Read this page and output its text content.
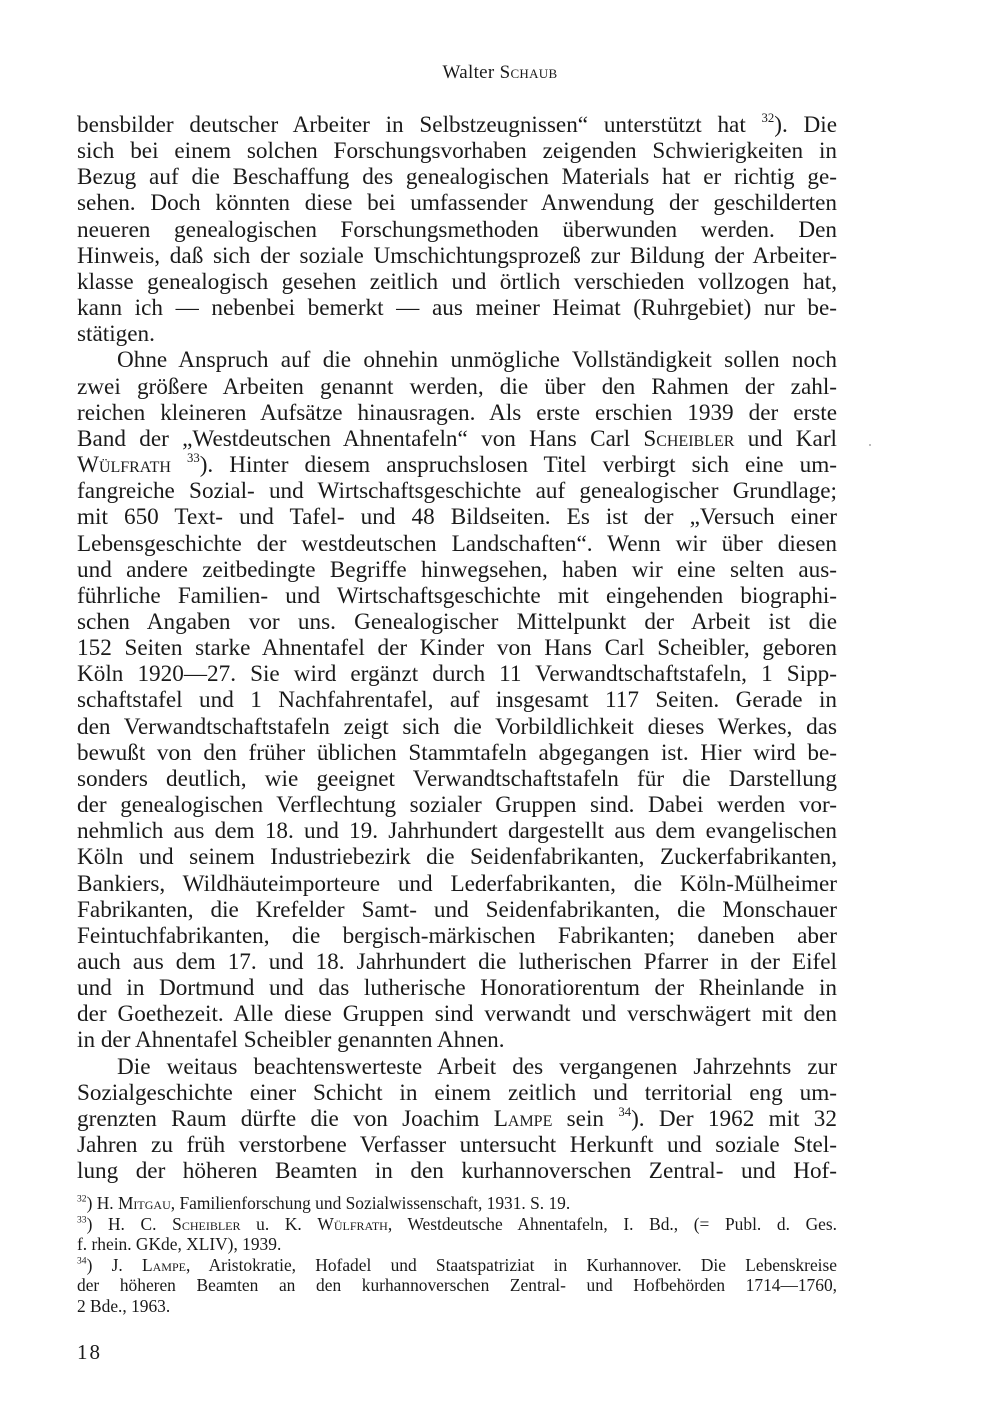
Walter Schaub
bensbilder deutscher Arbeiter in Selbstzeugnissen“ unterstützt hat $^{32}$). Die
sich bei einem solchen Forschungsvorhaben zeigenden Schwierigkeiten in
Bezug auf die Beschaffung des genealogischen Materials hat er richtig ge-
sehen. Doch könnten diese bei umfassender Anwendung der geschilderten
neueren genealogischen Forschungsmethoden überwunden werden. Den
Hinweis, daß sich der soziale Umschichtungsprozeß zur Bildung der Arbeiter-
klasse genealogisch gesehen zeitlich und örtlich verschieden vollzogen hat,
kann ich — nebenbei bemerkt — aus meiner Heimat (Ruhrgebiet) nur be-
stätigen.
Ohne Anspruch auf die ohnehin unmögliche Vollständigkeit sollen noch
zwei größere Arbeiten genannt werden, die über den Rahmen der zahl-
reichen kleineren Aufsätze hinausragen. Als erste erschien 1939 der erste
Band der „Westdeutschen Ahnentafeln“ von Hans Carl Scheibler und Karl
Wülfrath $^{33}$). Hinter diesem anspruchslosen Titel verbirgt sich eine um-
fangreiche Sozial- und Wirtschaftsgeschichte auf genealogischer Grundlage;
mit 650 Text- und Tafel- und 48 Bildseiten. Es ist der „Versuch einer
Lebensgeschichte der westdeutschen Landschaften“. Wenn wir über diesen
und andere zeitbedingte Begriffe hinwegsehen, haben wir eine selten aus-
führliche Familien- und Wirtschaftsgeschichte mit eingehenden biographi-
schen Angaben vor uns. Genealogischer Mittelpunkt der Arbeit ist die
152 Seiten starke Ahnentafel der Kinder von Hans Carl Scheibler, geboren
Köln 1920—27. Sie wird ergänzt durch 11 Verwandtschaftstafeln, 1 Sipp-
schaftstafel und 1 Nachfahrentafel, auf insgesamt 117 Seiten. Gerade in
den Verwandtschaftstafeln zeigt sich die Vorbildlichkeit dieses Werkes, das
bewußt von den früher üblichen Stammtafeln abgegangen ist. Hier wird be-
sonders deutlich, wie geeignet Verwandtschaftstafeln für die Darstellung
der genealogischen Verflechtung sozialer Gruppen sind. Dabei werden vor-
nehmlich aus dem 18. und 19. Jahrhundert dargestellt aus dem evangelischen
Köln und seinem Industriebezirk die Seidenfabrikanten, Zuckerfabrikanten,
Bankiers, Wildhäuteimporteure und Lederfabrikanten, die Köln-Mülheimer
Fabrikanten, die Krefelder Samt- und Seidenfabrikanten, die Monschauer
Feintuchfabrikanten, die bergisch-märkischen Fabrikanten; daneben aber
auch aus dem 17. und 18. Jahrhundert die lutherischen Pfarrer in der Eifel
und in Dortmund und das lutherische Honoratiorentum der Rheinlande in
der Goethezeit. Alle diese Gruppen sind verwandt und verschwägert mit den
in der Ahnentafel Scheibler genannten Ahnen.
Die weitaus beachtenswerteste Arbeit des vergangenen Jahrzehnts zur
Sozialgeschichte einer Schicht in einem zeitlich und territorial eng um-
grenzten Raum dürfte die von Joachim Lampe sein $^{34}$). Der 1962 mit 32
Jahren zu früh verstorbene Verfasser untersucht Herkunft und soziale Stel-
lung der höheren Beamten in den kurhannoverschen Zentral- und Hof-
$^{32}$) H. Mitgau, Familienforschung und Sozialwissenschaft, 1931. S. 19.
$^{33}$) H. C. Scheibler u. K. Wülfrath, Westdeutsche Ahnentafeln, I. Bd., (= Publ. d. Ges.
f. rhein. GKde, XLIV), 1939.
$^{34}$) J. Lampe, Aristokratie, Hofadel und Staatspatriziat in Kurhannover. Die Lebenskreise
der höheren Beamten an den kurhannoverschen Zentral- und Hofbehörden 1714—1760,
2 Bde., 1963.
18
